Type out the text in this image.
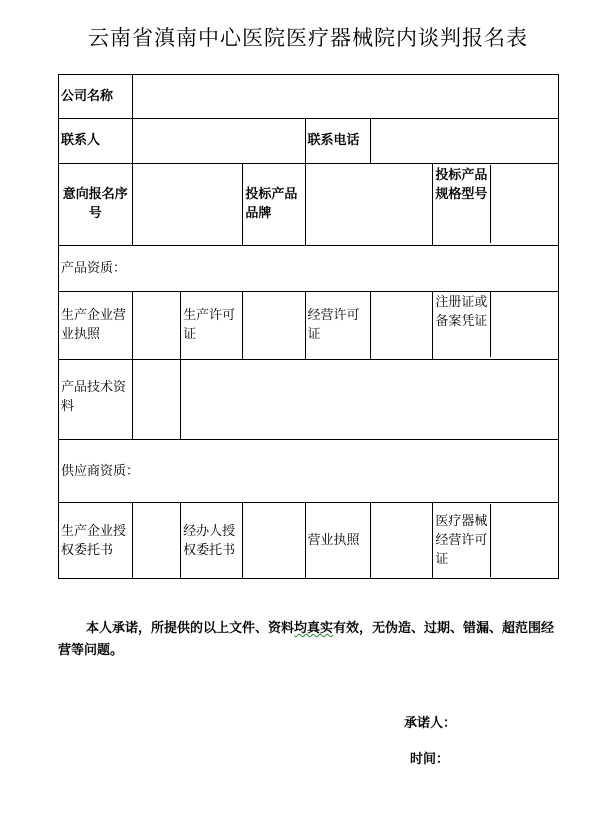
云南省滇南中心医院医疗器械院内谈判报名表
公司名称						
联系人				联系电话		
意向报名序号			投标产品品牌			投标产品规格型号

产品资质：						
生产企业营业执照		生产许可证		经营许可证		注册证或备案凭证

产品技术资料						
供应商资质：						
生产企业授权委托书		经办人授权委托书		营业执照		医疗器械经营许可证
本人承诺，所提供的以上文件、资料均真实有效，无伪造、过期、错漏、超范围经营等问题。
承诺人：
时间：
